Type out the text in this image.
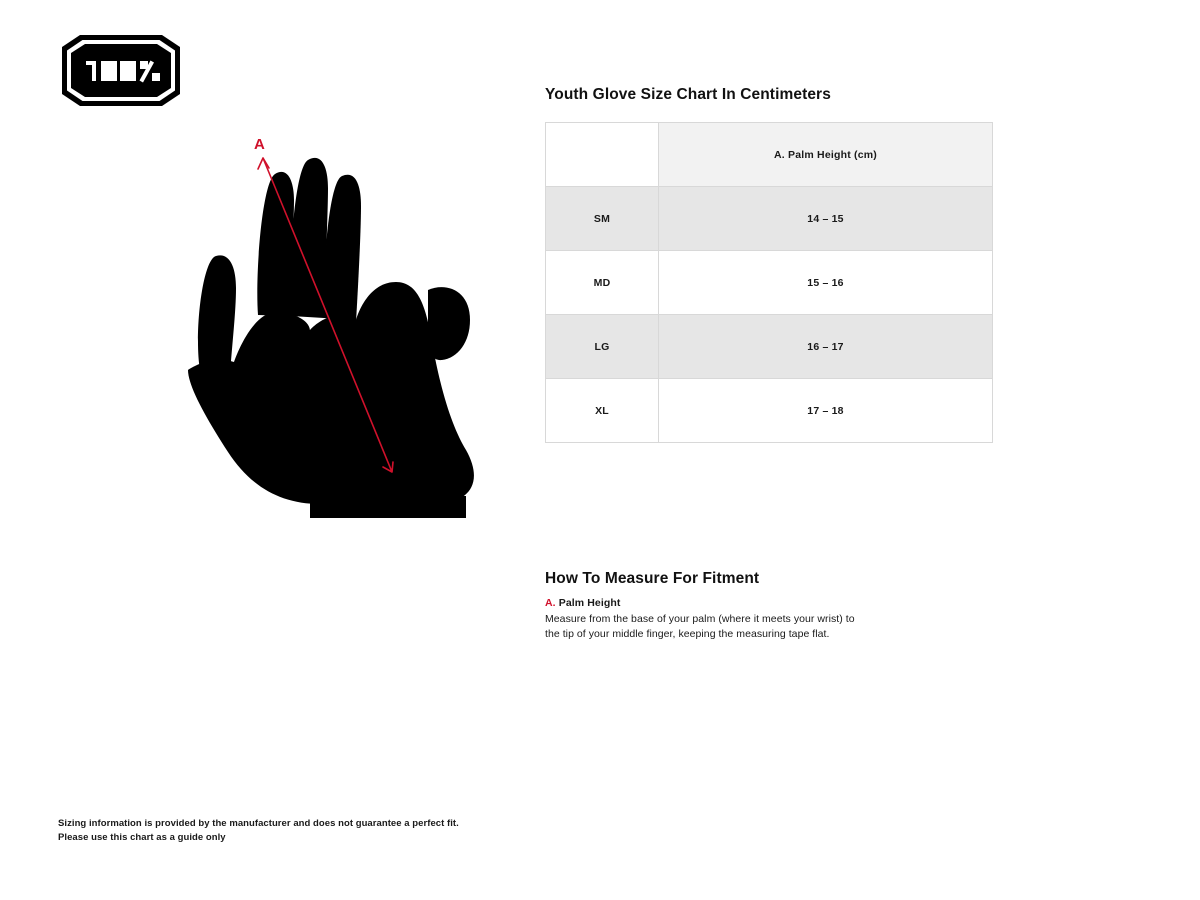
A
Youth Glove Size Chart In Centimeters
	A. Palm Height (cm)
SM	14 – 15
MD	15 – 16
LG	16 – 17
XL	17 – 18
How To Measure For Fitment

A. Palm Height

Measure from the base of your palm (where it meets your wrist) to the tip of your middle finger, keeping the measuring tape flat.

Sizing information is provided by the manufacturer and does not guarantee a perfect fit.
Please use this chart as a guide only
